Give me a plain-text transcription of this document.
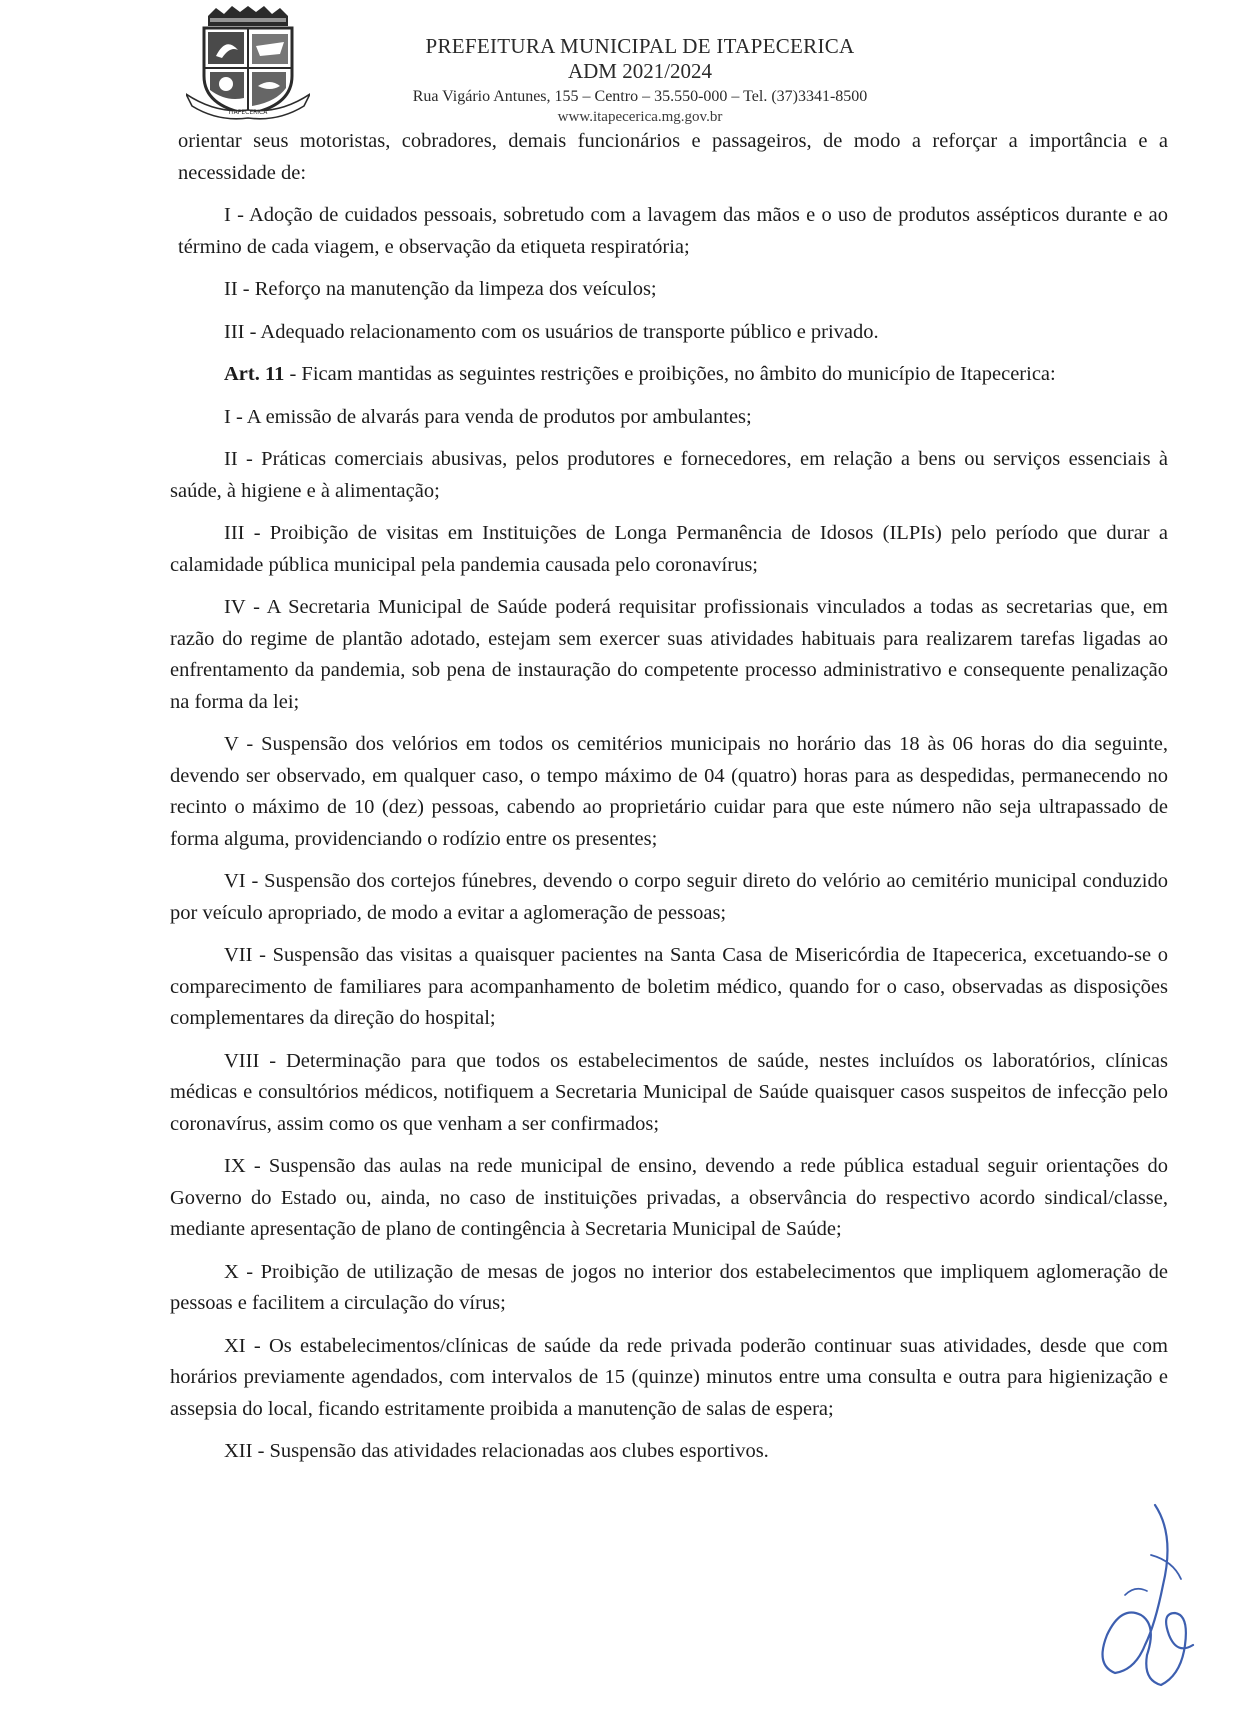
ITAPECERICA
PREFEITURA MUNICIPAL DE ITAPECERICA
ADM 2021/2024
Rua Vigário Antunes, 155 – Centro – 35.550-000 – Tel. (37)3341-8500
www.itapecerica.mg.gov.br

orientar seus motoristas, cobradores, demais funcionários e passageiros, de modo a reforçar a importância e a necessidade de:

I - Adoção de cuidados pessoais, sobretudo com a lavagem das mãos e o uso de produtos assépticos durante e ao término de cada viagem, e observação da etiqueta respiratória;

II - Reforço na manutenção da limpeza dos veículos;

III - Adequado relacionamento com os usuários de transporte público e privado.

Art. 11 - Ficam mantidas as seguintes restrições e proibições, no âmbito do município de Itapecerica:

I - A emissão de alvarás para venda de produtos por ambulantes;

II - Práticas comerciais abusivas, pelos produtores e fornecedores, em relação a bens ou serviços essenciais à saúde, à higiene e à alimentação;

III - Proibição de visitas em Instituições de Longa Permanência de Idosos (ILPIs) pelo período que durar a calamidade pública municipal pela pandemia causada pelo coronavírus;

IV - A Secretaria Municipal de Saúde poderá requisitar profissionais vinculados a todas as secretarias que, em razão do regime de plantão adotado, estejam sem exercer suas atividades habituais para realizarem tarefas ligadas ao enfrentamento da pandemia, sob pena de instauração do competente processo administrativo e consequente penalização na forma da lei;

V - Suspensão dos velórios em todos os cemitérios municipais no horário das 18 às 06 horas do dia seguinte, devendo ser observado, em qualquer caso, o tempo máximo de 04 (quatro) horas para as despedidas, permanecendo no recinto o máximo de 10 (dez) pessoas, cabendo ao proprietário cuidar para que este número não seja ultrapassado de forma alguma, providenciando o rodízio entre os presentes;

VI - Suspensão dos cortejos fúnebres, devendo o corpo seguir direto do velório ao cemitério municipal conduzido por veículo apropriado, de modo a evitar a aglomeração de pessoas;

VII - Suspensão das visitas a quaisquer pacientes na Santa Casa de Misericórdia de Itapecerica, excetuando-se o comparecimento de familiares para acompanhamento de boletim médico, quando for o caso, observadas as disposições complementares da direção do hospital;

VIII - Determinação para que todos os estabelecimentos de saúde, nestes incluídos os laboratórios, clínicas médicas e consultórios médicos, notifiquem a Secretaria Municipal de Saúde quaisquer casos suspeitos de infecção pelo coronavírus, assim como os que venham a ser confirmados;

IX - Suspensão das aulas na rede municipal de ensino, devendo a rede pública estadual seguir orientações do Governo do Estado ou, ainda, no caso de instituições privadas, a observância do respectivo acordo sindical/classe, mediante apresentação de plano de contingência à Secretaria Municipal de Saúde;

X - Proibição de utilização de mesas de jogos no interior dos estabelecimentos que impliquem aglomeração de pessoas e facilitem a circulação do vírus;

XI - Os estabelecimentos/clínicas de saúde da rede privada poderão continuar suas atividades, desde que com horários previamente agendados, com intervalos de 15 (quinze) minutos entre uma consulta e outra para higienização e assepsia do local, ficando estritamente proibida a manutenção de salas de espera;

XII - Suspensão das atividades relacionadas aos clubes esportivos.
